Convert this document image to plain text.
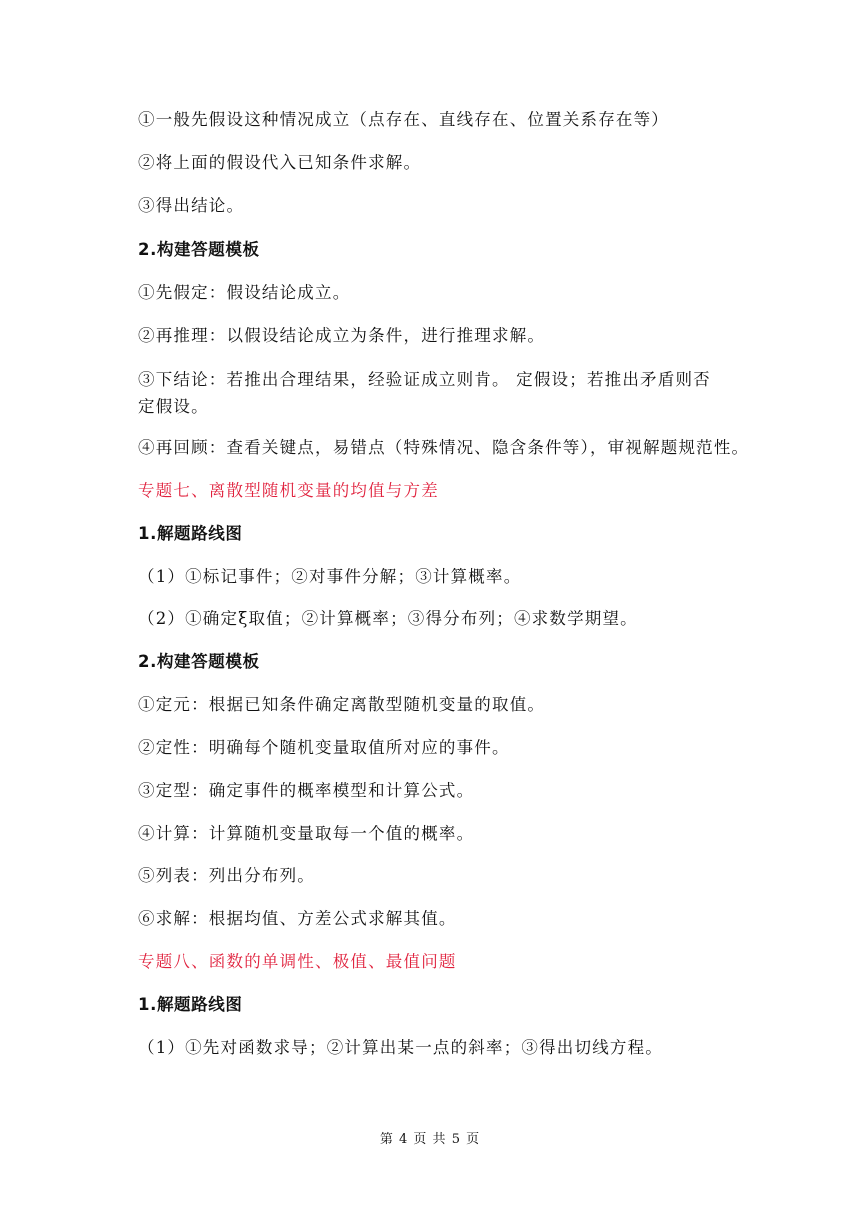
①一般先假设这种情况成立（点存在、直线存在、位置关系存在等）
②将上面的假设代入已知条件求解。
③得出结论。
2.构建答题模板
①先假定：假设结论成立。
②再推理：以假设结论成立为条件，进行推理求解。
③下结论：若推出合理结果，经验证成立则肯。 定假设；若推出矛盾则否定假设。
④再回顾：查看关键点，易错点（特殊情况、隐含条件等），审视解题规范性。
专题七、离散型随机变量的均值与方差
1.解题路线图
（1）①标记事件；②对事件分解；③计算概率。
（2）①确定ξ取值；②计算概率；③得分布列；④求数学期望。
2.构建答题模板
①定元：根据已知条件确定离散型随机变量的取值。
②定性：明确每个随机变量取值所对应的事件。
③定型：确定事件的概率模型和计算公式。
④计算：计算随机变量取每一个值的概率。
⑤列表：列出分布列。
⑥求解：根据均值、方差公式求解其值。
专题八、函数的单调性、极值、最值问题
1.解题路线图
（1）①先对函数求导；②计算出某一点的斜率；③得出切线方程。
第 4 页 共 5 页
